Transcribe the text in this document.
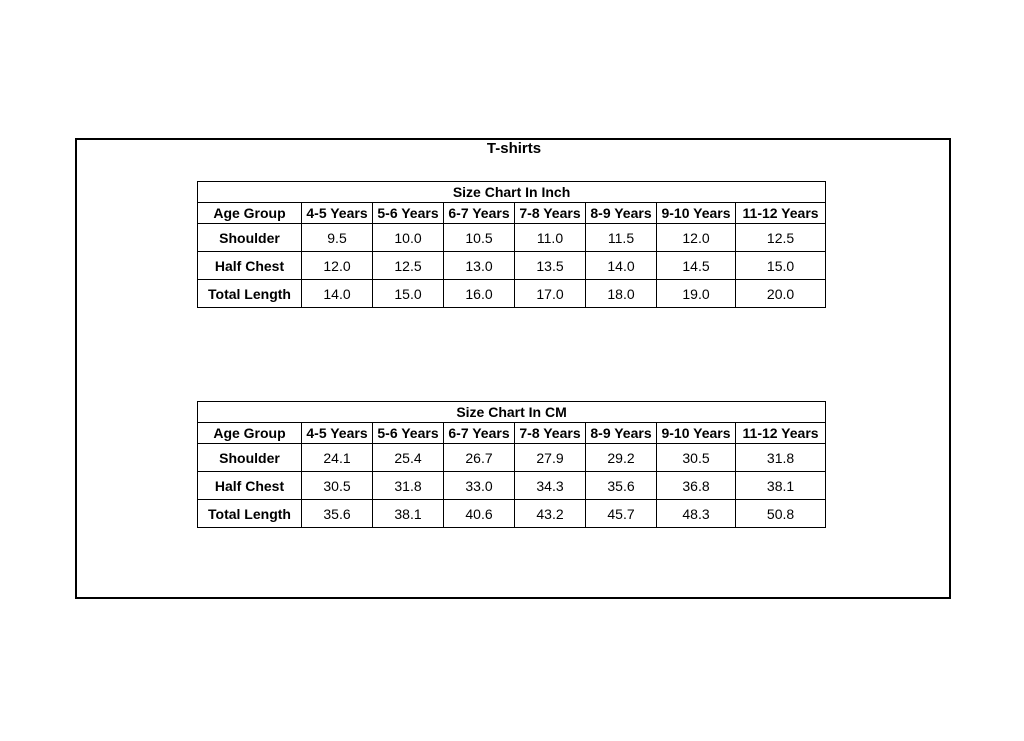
T-shirts
Size Chart In Inch							
Age Group	4-5 Years	5-6 Years	6-7 Years	7-8 Years	8-9 Years	9-10 Years	11-12 Years
Shoulder	9.5	10.0	10.5	11.0	11.5	12.0	12.5
Half Chest	12.0	12.5	13.0	13.5	14.0	14.5	15.0
Total Length	14.0	15.0	16.0	17.0	18.0	19.0	20.0
Size Chart In CM							
Age Group	4-5 Years	5-6 Years	6-7 Years	7-8 Years	8-9 Years	9-10 Years	11-12 Years
Shoulder	24.1	25.4	26.7	27.9	29.2	30.5	31.8
Half Chest	30.5	31.8	33.0	34.3	35.6	36.8	38.1
Total Length	35.6	38.1	40.6	43.2	45.7	48.3	50.8
